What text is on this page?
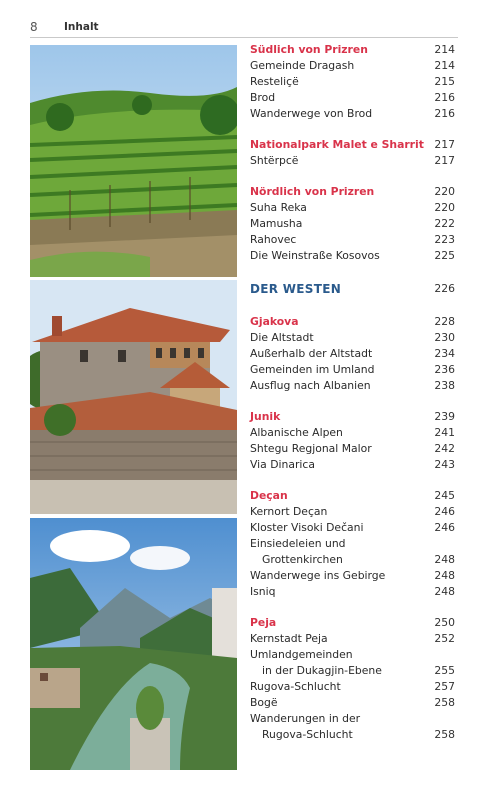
8	Inhalt
Südlich von Prizren	214
Gemeinde Dragash	214
Resteliçë	215
Brod	216
Wanderwege von Brod	216
Nationalpark Malet e Sharrit 217
Shtërpcë	217
Nördlich von Prizren	220
Suha Reka	220
Mamusha	222
Rahovec	223
Die Weinstraße Kosovos	225
DER WESTEN	226
Gjakova	228
Die Altstadt	230
Außerhalb der Altstadt	234
Gemeinden im Umland	236
Ausflug nach Albanien	238
Junik	239
Albanische Alpen	241
Shtegu Regjonal Malor	242
Via Dinarica	243
Deçan	245
Kernort Deçan	246
Kloster Visoki Dečani	246
Einsiedeleien und
Grottenkirchen	248
Wanderwege ins Gebirge	248
Isniq	248
Peja	250
Kernstadt Peja	252
Umlandgemeinden
in der Dukagjin-Ebene	255
Rugova-Schlucht	257
Bogë	258
Wanderungen in der
Rugova-Schlucht	258
